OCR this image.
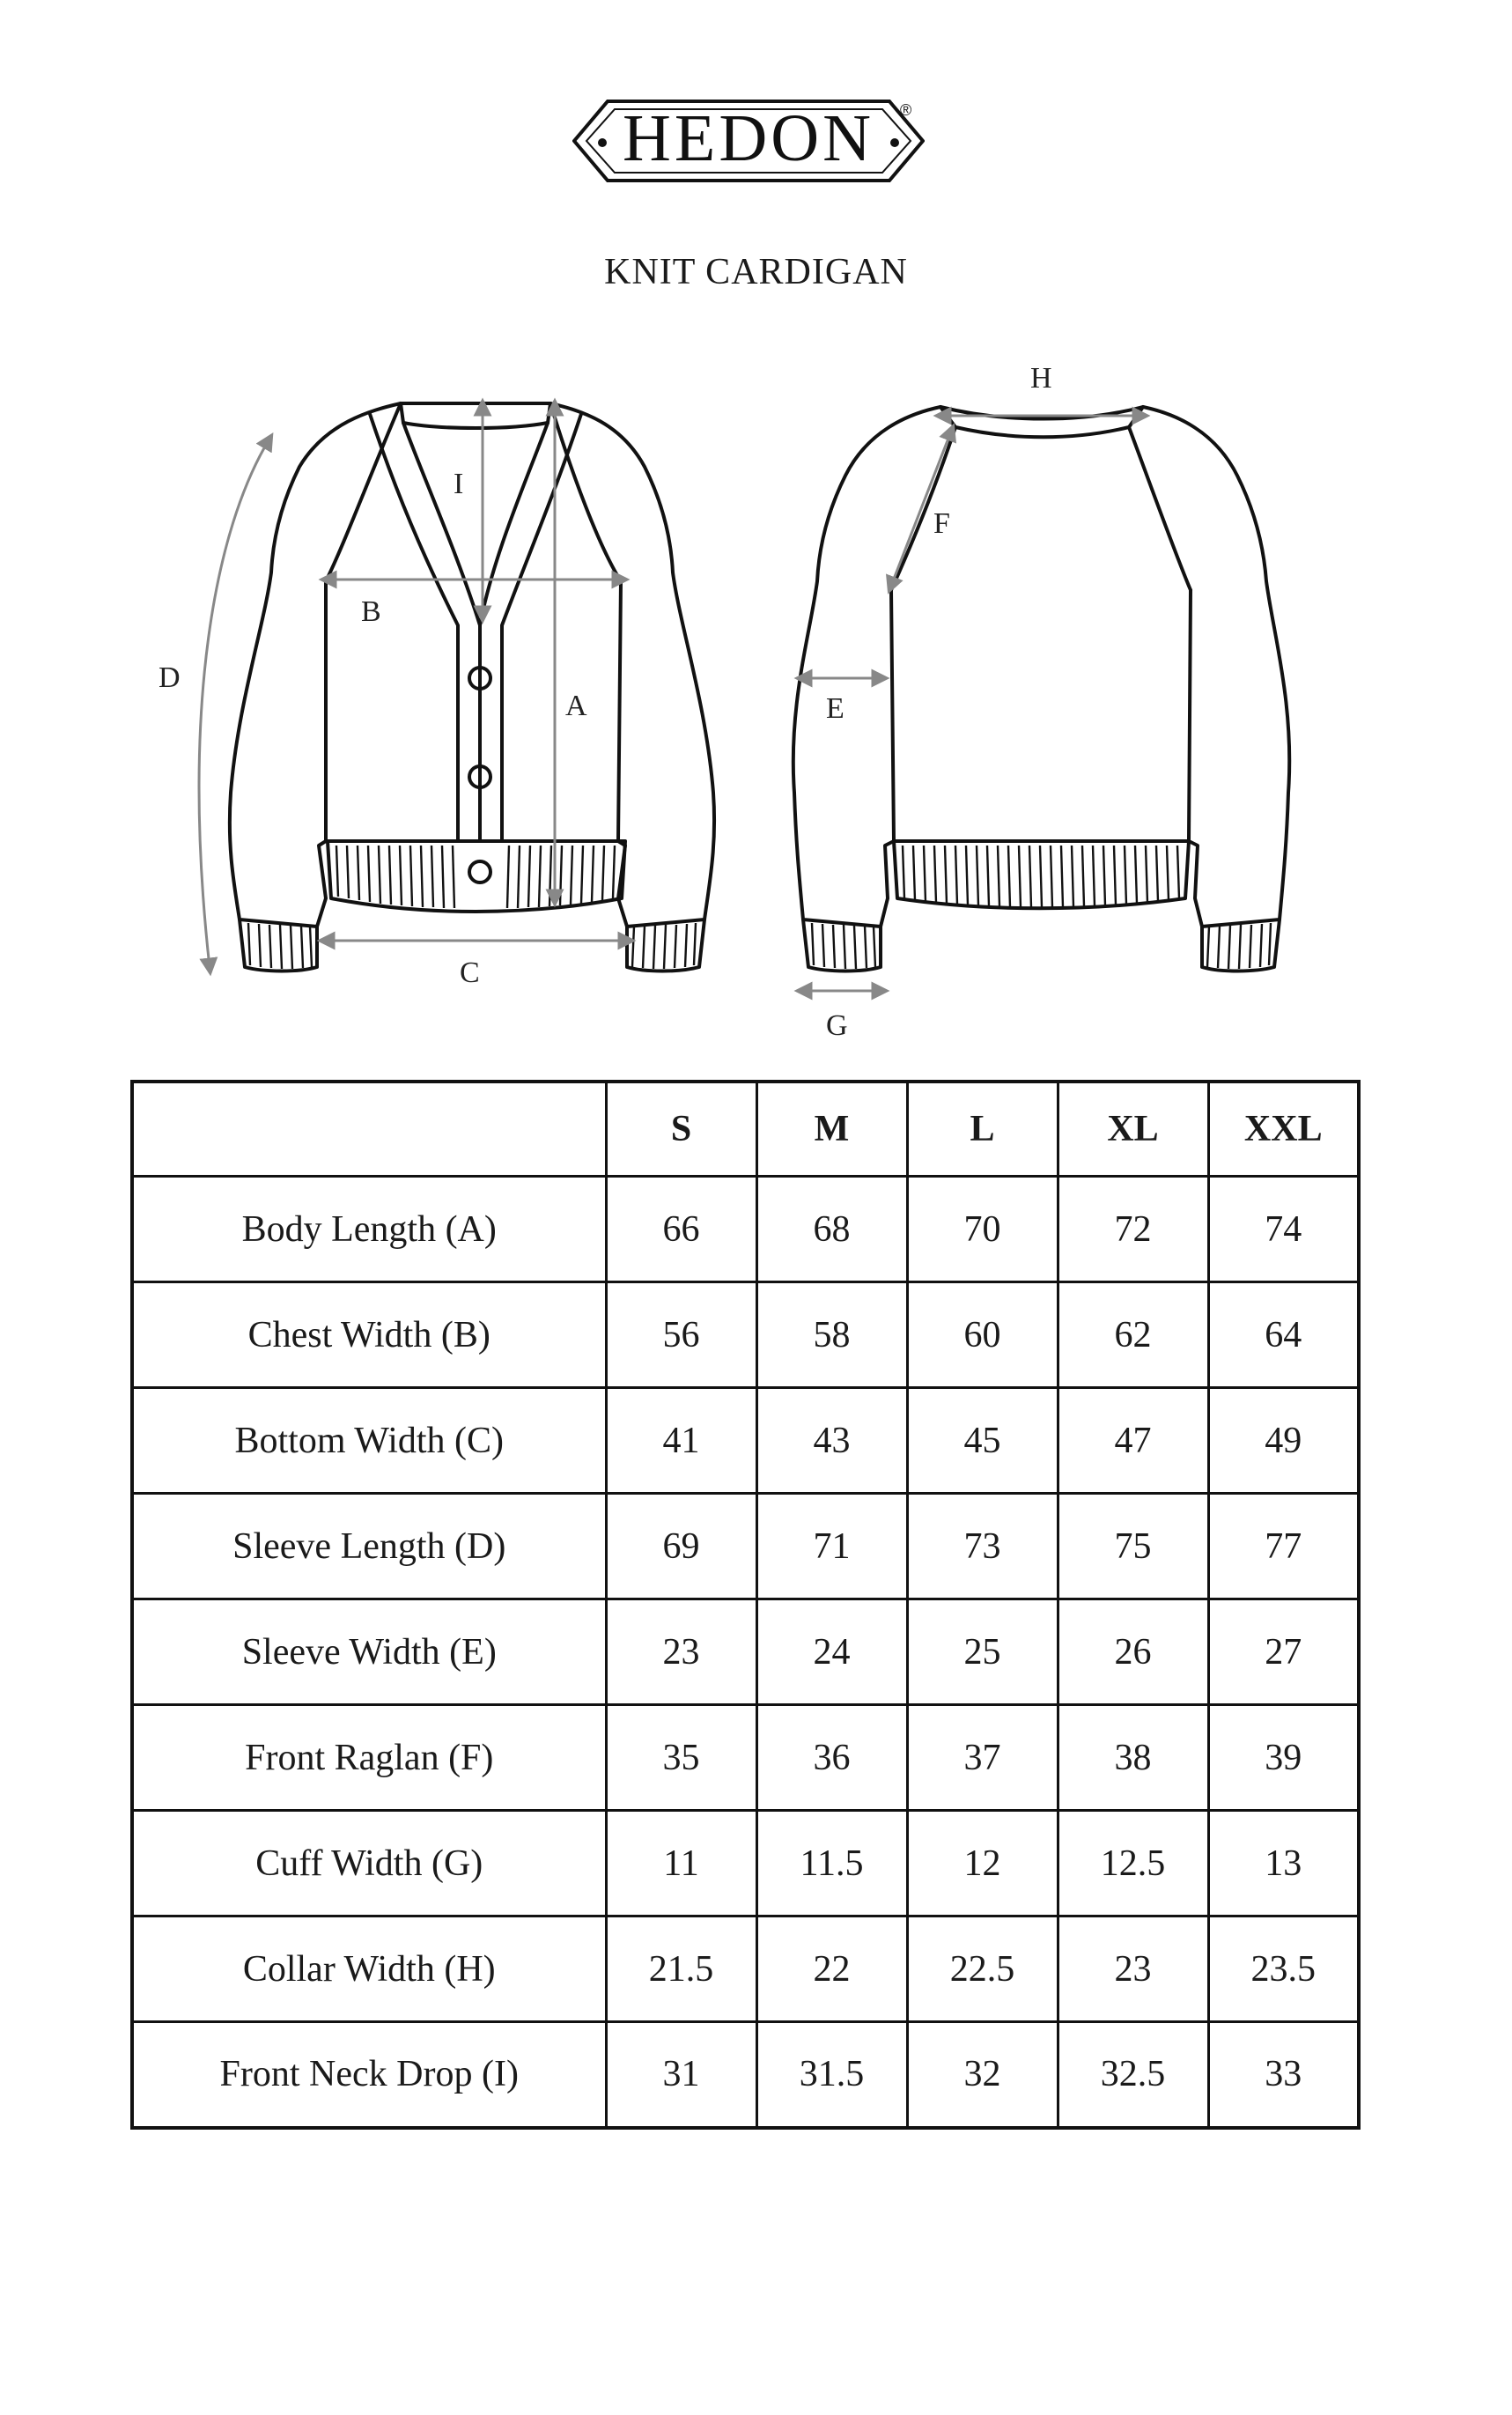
HEDON	®
KNIT CARDIGAN
I
B
A
D
C
H
F
E
G
	S	M	L	XL	XXL
Body Length (A)	66	68	70	72	74
Chest Width (B)	56	58	60	62	64
Bottom Width (C)	41	43	45	47	49
Sleeve Length (D)	69	71	73	75	77
Sleeve Width (E)	23	24	25	26	27
Front Raglan (F)	35	36	37	38	39
Cuff Width (G)	11	11.5	12	12.5	13
Collar Width (H)	21.5	22	22.5	23	23.5
Front Neck Drop (I)	31	31.5	32	32.5	33
